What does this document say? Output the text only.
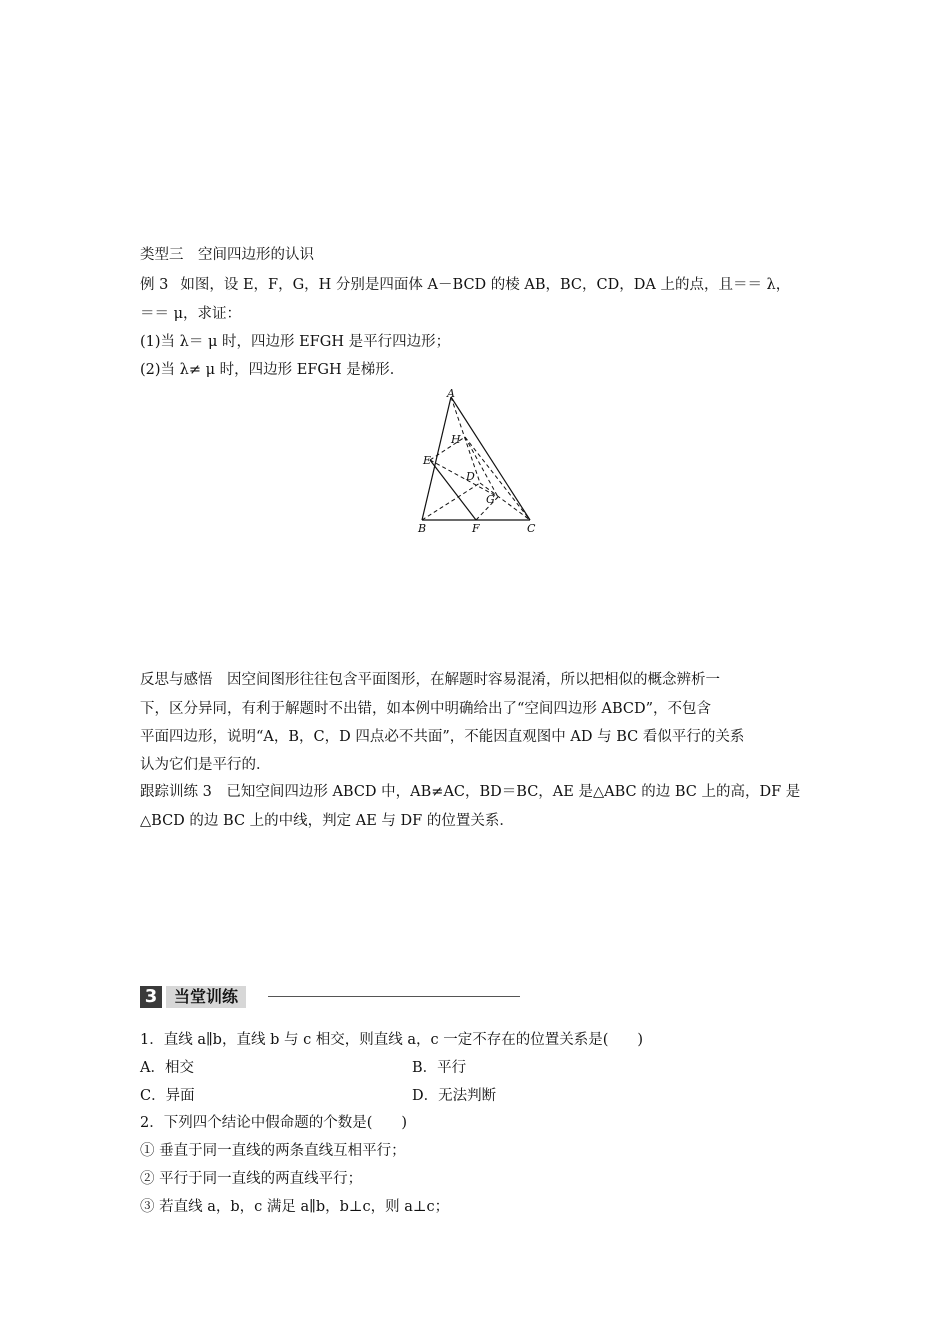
类型三　空间四边形的认识
例 3 如图，设 E，F，G，H 分别是四面体 A－BCD 的棱 AB，BC，CD，DA 上的点，且＝＝ λ，
＝＝ μ，求证：
(1)当 λ＝ μ 时，四边形 EFGH 是平行四边形；
(2)当 λ≠ μ 时，四边形 EFGH 是梯形．
A
B	C
D
E
F
G
H
反思与感悟　因空间图形往往包含平面图形，在解题时容易混淆，所以把相似的概念辨析一
下，区分异同，有利于解题时不出错，如本例中明确给出了“空间四边形 ABCD”，不包含
平面四边形，说明“A，B，C，D 四点必不共面”，不能因直观图中 AD 与 BC 看似平行的关系
认为它们是平行的．
跟踪训练 3　已知空间四边形 ABCD 中，AB≠AC，BD＝BC，AE 是△ABC 的边 BC 上的高，DF 是
△BCD 的边 BC 上的中线，判定 AE 与 DF 的位置关系．
3	当堂训练
1．直线 a∥b，直线 b 与 c 相交，则直线 a，c 一定不存在的位置关系是(　　)
A．相交	B．平行
C．异面	D．无法判断
2．下列四个结论中假命题的个数是(　　)
① 垂直于同一直线的两条直线互相平行；
② 平行于同一直线的两直线平行；
③ 若直线 a，b，c 满足 a∥b，b⊥c，则 a⊥c；
